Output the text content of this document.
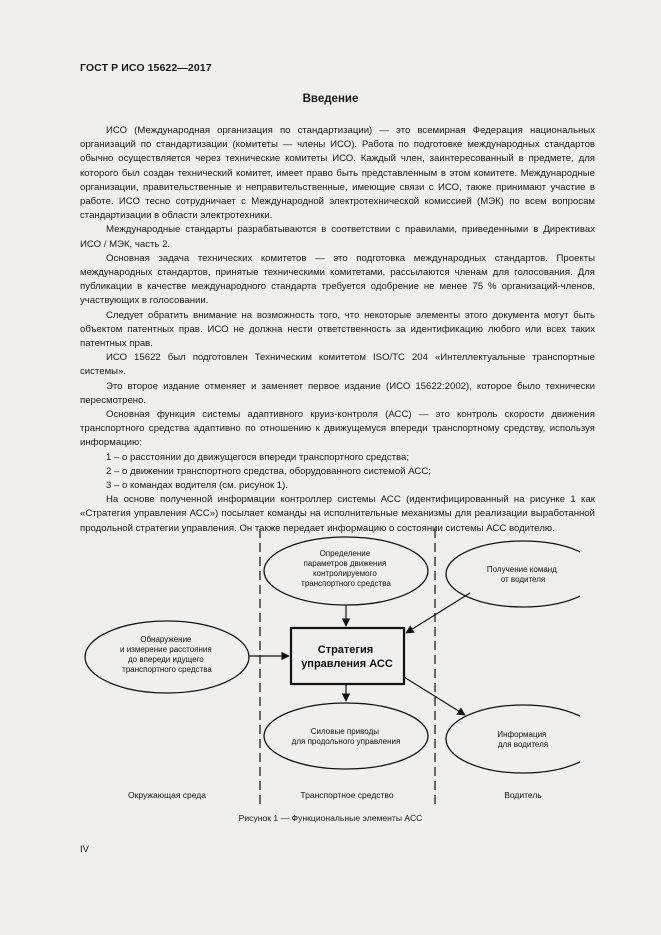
ГОСТ Р ИСО 15622—2017
Введение

ИСО (Международная организация по стандартизации) — это всемирная Федерация национальных организаций по стандартизации (комитеты — члены ИСО). Работа по подготовке международных стандартов обычно осуществляется через технические комитеты ИСО. Каждый член, заинтересованный в предмете, для которого был создан технический комитет, имеет право быть представленным в этом комитете. Международные организации, правительственные и неправительственные, имеющие связи с ИСО, также принимают участие в работе. ИСО тесно сотрудничает с Международной электротехнической комиссией (МЭК) по всем вопросам стандартизации в области электротехники.

Международные стандарты разрабатываются в соответствии с правилами, приведенными в Директивах ИСО / МЭК, часть 2.

Основная задача технических комитетов — это подготовка международных стандартов. Проекты международных стандартов, принятые техническими комитетами, рассылаются членам для голосования. Для публикации в качестве международного стандарта требуется одобрение не менее 75 % организаций-членов, участвующих в голосовании.

Следует обратить внимание на возможность того, что некоторые элементы этого документа могут быть объектом патентных прав. ИСО не должна нести ответственность за идентификацию любого или всех таких патентных прав.

ИСО 15622 был подготовлен Техническим комитетом ISO/TC 204 «Интеллектуальные транспортные системы».

Это второе издание отменяет и заменяет первое издание (ИСО 15622:2002), которое было технически пересмотрено.

Основная функция системы адаптивного круиз-контроля (АСС) — это контроль скорости движения транспортного средства адаптивно по отношению к движущемуся впереди транспортному средству, используя информацию:

1 – о расстоянии до движущегося впереди транспортного средства;

2 – о движении транспортного средства, оборудованного системой АСС;

3 – о командах водителя (см. рисунок 1).

На основе полученной информации контроллер системы АСС (идентифицированный на рисунке 1 как «Стратегия управления АСС») посылает команды на исполнительные механизмы для реализации выработанной продольной стратегии управления. Он также передает информацию о состоянии системы АСС водителю.

Определение параметров движения контролируемого транспортного средства
Получение команд от водителя
Обнаружение и измерение расстояния до впереди идущего транспортного средства
Стратегия управления АСС
Силовые приводы для продольного управления
Информация для водителя
Окружающая среда	Транспортное средство	Водитель
Рисунок 1 — Функциональные элементы АСС
IV
